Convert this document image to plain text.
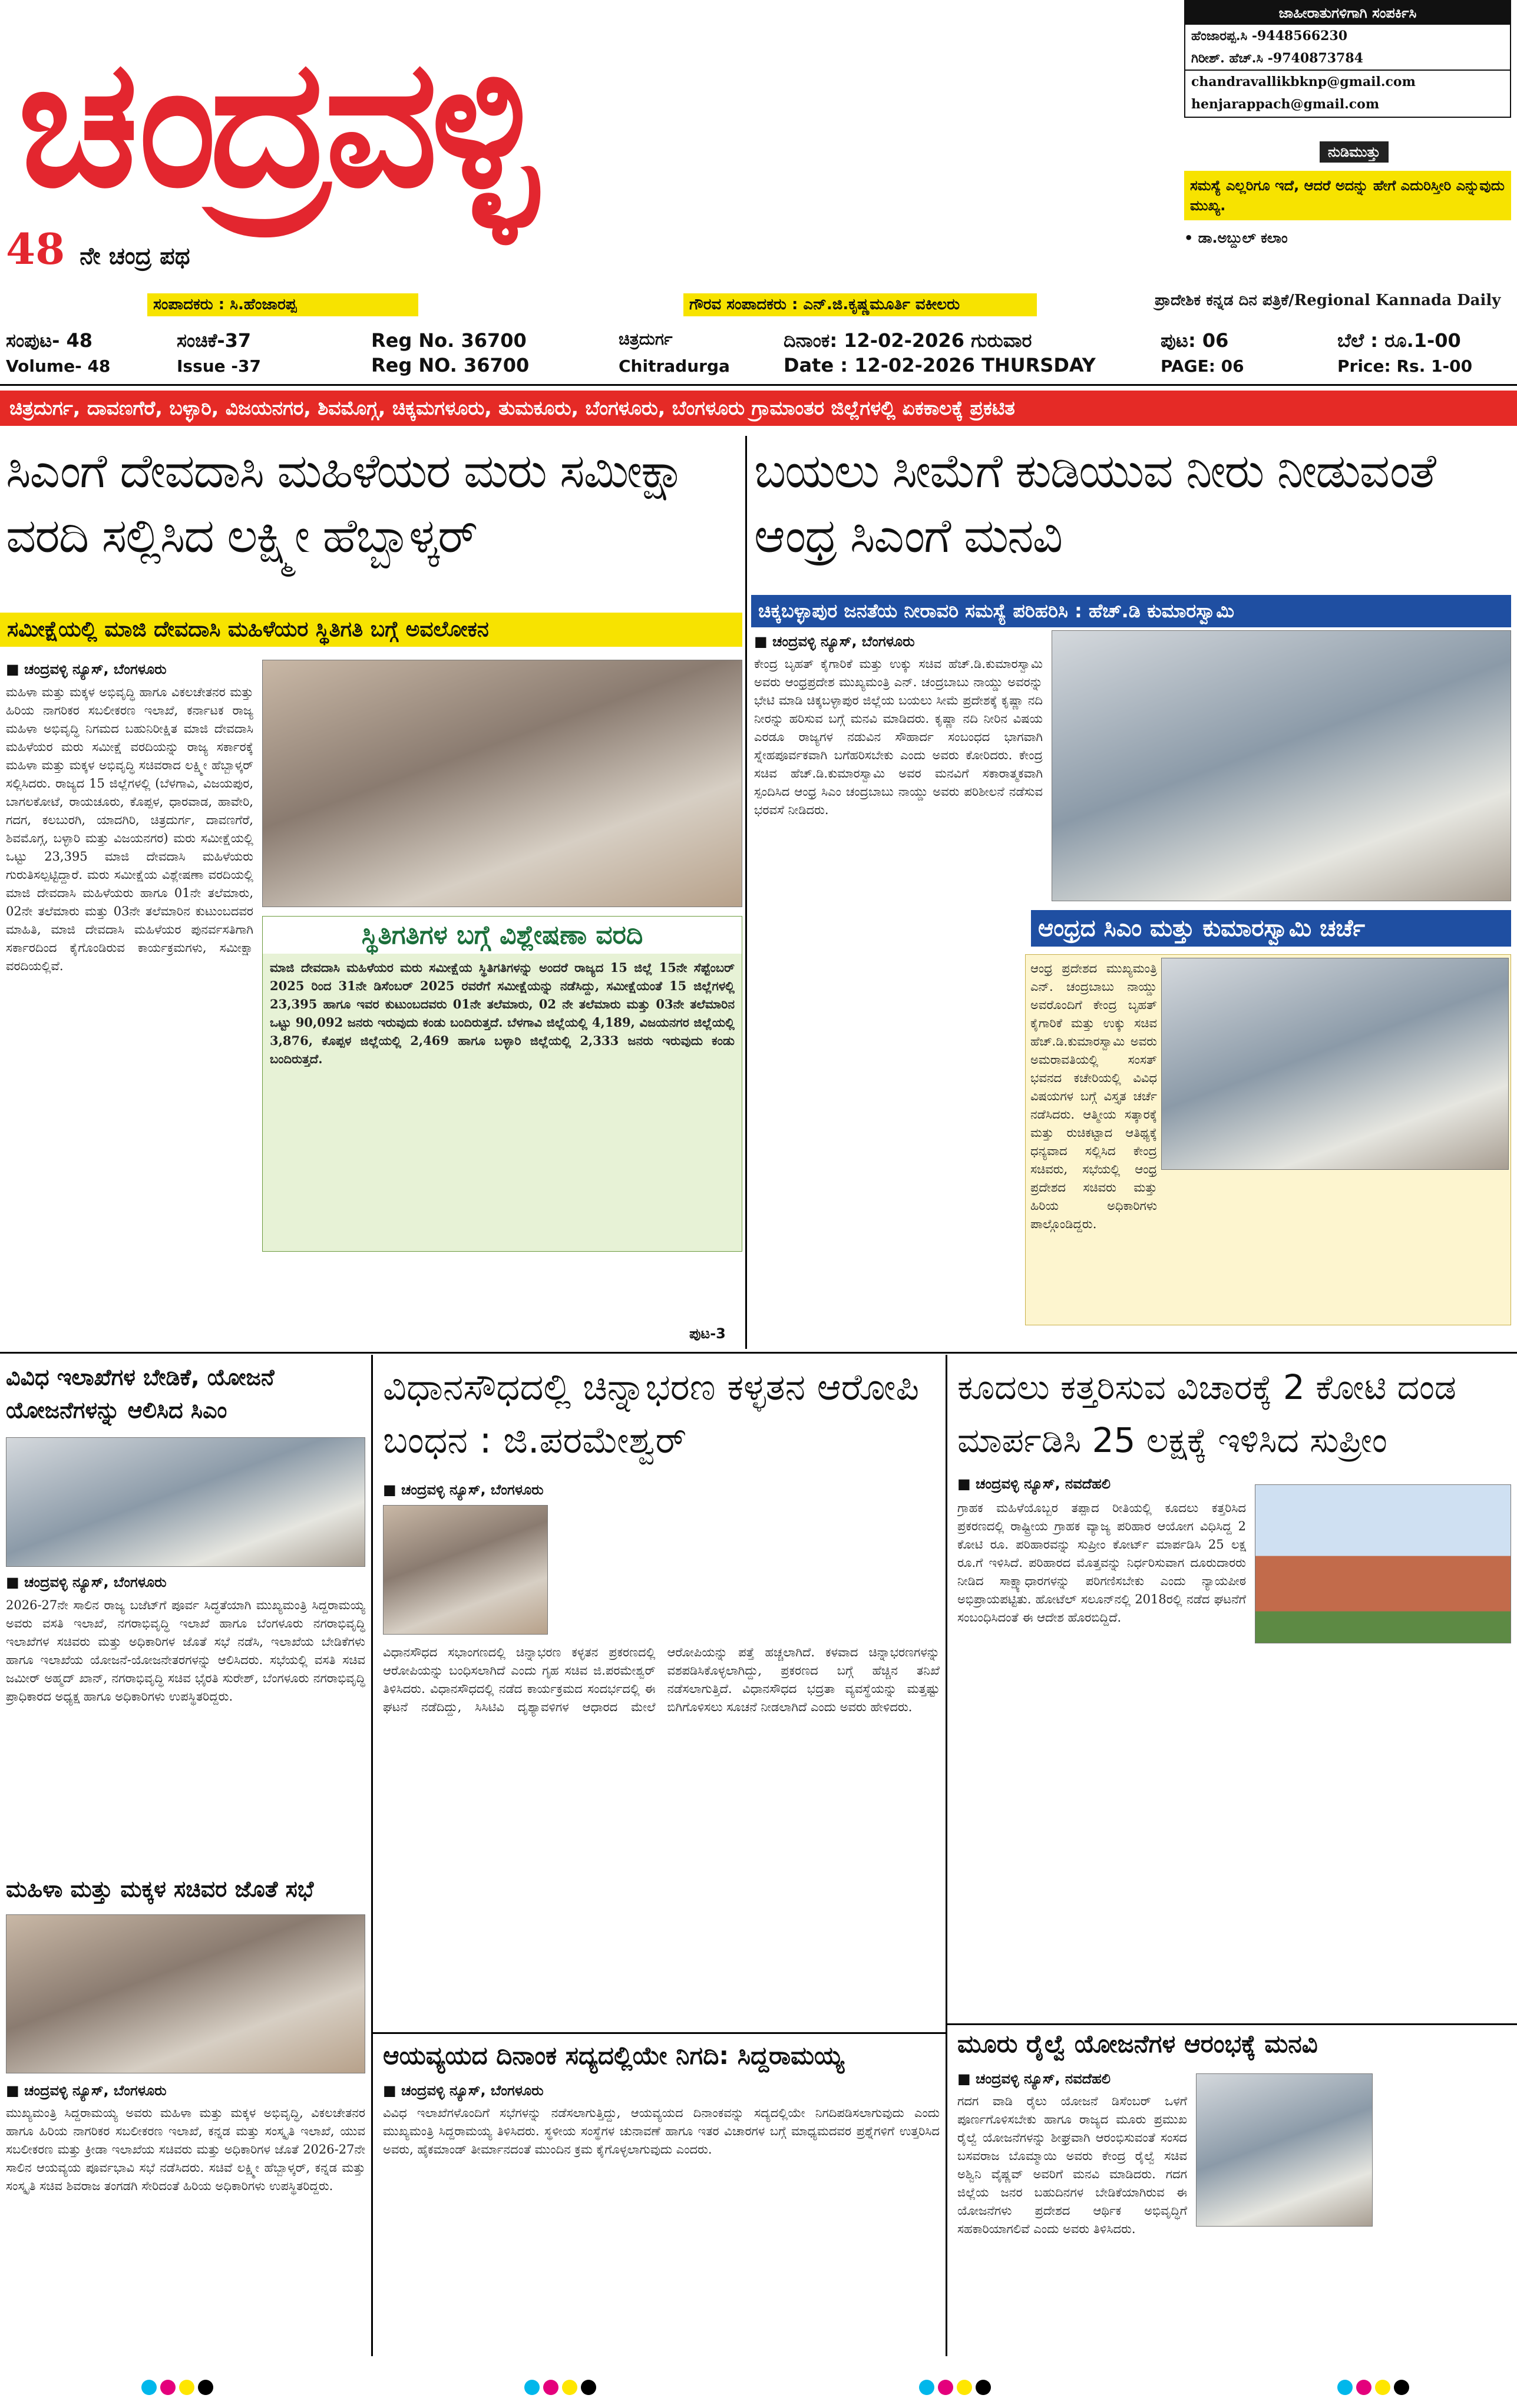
ಚಂದ್ರವಳ್ಳಿ
48 ನೇ ಚಂದ್ರ ಪಥ
ಸಂಪಾದಕರು : ಸಿ.ಹೆಂಜಾರಪ್ಪ	ಗೌರವ ಸಂಪಾದಕರು : ಎನ್.ಜಿ.ಕೃಷ್ಣಮೂರ್ತಿ ವಕೀಲರು	ಪ್ರಾದೇಶಿಕ ಕನ್ನಡ ದಿನ ಪತ್ರಿಕೆ/Regional Kannada Daily
ಜಾಹೀರಾತುಗಳಿಗಾಗಿ ಸಂಪರ್ಕಿಸಿ

ಹೆಂಜಾರಪ್ಪ.ಸಿ -9448566230

ಗಿರೀಶ್. ಹೆಚ್.ಸಿ -9740873784

chandravallikbknp@gmail.com

henjarappach@gmail.com

ನುಡಿಮುತ್ತು
ಸಮಸ್ಯೆ ಎಲ್ಲರಿಗೂ ಇದೆ, ಆದರೆ ಅದನ್ನು ಹೇಗೆ ಎದುರಿಸ್ತೀರಿ ಎನ್ನುವುದು ಮುಖ್ಯ.
• ಡಾ.ಅಬ್ದುಲ್ ಕಲಾಂ
ಸಂಪುಟ- 48
Volume- 48
ಸಂಚಿಕೆ-37
Issue -37
Reg No. 36700
Reg NO. 36700
ಚಿತ್ರದುರ್ಗ
Chitradurga
ದಿನಾಂಕ: 12-02-2026 ಗುರುವಾರ
Date : 12-02-2026 THURSDAY
ಪುಟ: 06
PAGE: 06
ಬೆಲೆ : ರೂ.1-00
Price: Rs. 1-00
ಚಿತ್ರದುರ್ಗ, ದಾವಣಗೆರೆ, ಬಳ್ಳಾರಿ, ವಿಜಯನಗರ, ಶಿವಮೊಗ್ಗ, ಚಿಕ್ಕಮಗಳೂರು, ತುಮಕೂರು, ಬೆಂಗಳೂರು, ಬೆಂಗಳೂರು ಗ್ರಾಮಾಂತರ ಜಿಲ್ಲೆಗಳಲ್ಲಿ ಏಕಕಾಲಕ್ಕೆ ಪ್ರಕಟಿತ
ಸಿಎಂಗೆ ದೇವದಾಸಿ ಮಹಿಳೆಯರ ಮರು ಸಮೀಕ್ಷಾ ವರದಿ ಸಲ್ಲಿಸಿದ ಲಕ್ಷ್ಮೀ ಹೆಬ್ಬಾಳ್ಕರ್
ಸಮೀಕ್ಷೆಯಲ್ಲಿ ಮಾಜಿ ದೇವದಾಸಿ ಮಹಿಳೆಯರ ಸ್ಥಿತಿಗತಿ ಬಗ್ಗೆ ಅವಲೋಕನ
■ ಚಂದ್ರವಳ್ಳಿ ನ್ಯೂಸ್, ಬೆಂಗಳೂರು
ಮಹಿಳಾ ಮತ್ತು ಮಕ್ಕಳ ಅಭಿವೃದ್ಧಿ ಹಾಗೂ ವಿಕಲಚೇತನರ ಮತ್ತು ಹಿರಿಯ ನಾಗರಿಕರ ಸಬಲೀಕರಣ ಇಲಾಖೆ, ಕರ್ನಾಟಕ ರಾಜ್ಯ ಮಹಿಳಾ ಅಭಿವೃದ್ಧಿ ನಿಗಮದ ಬಹುನಿರೀಕ್ಷಿತ ಮಾಜಿ ದೇವದಾಸಿ ಮಹಿಳೆಯರ ಮರು ಸಮೀಕ್ಷೆ ವರದಿಯನ್ನು ರಾಜ್ಯ ಸರ್ಕಾರಕ್ಕೆ ಮಹಿಳಾ ಮತ್ತು ಮಕ್ಕಳ ಅಭಿವೃದ್ಧಿ ಸಚಿವರಾದ ಲಕ್ಷ್ಮೀ ಹೆಬ್ಬಾಳ್ಕರ್ ಸಲ್ಲಿಸಿದರು. ರಾಜ್ಯದ 15 ಜಿಲ್ಲೆಗಳಲ್ಲಿ (ಬೆಳಗಾವಿ, ವಿಜಯಪುರ, ಬಾಗಲಕೋಟೆ, ರಾಯಚೂರು, ಕೊಪ್ಪಳ, ಧಾರವಾಡ, ಹಾವೇರಿ, ಗದಗ, ಕಲಬುರಗಿ, ಯಾದಗಿರಿ, ಚಿತ್ರದುರ್ಗ, ದಾವಣಗೆರೆ, ಶಿವಮೊಗ್ಗ, ಬಳ್ಳಾರಿ ಮತ್ತು ವಿಜಯನಗರ) ಮರು ಸಮೀಕ್ಷೆಯಲ್ಲಿ ಒಟ್ಟು 23,395 ಮಾಜಿ ದೇವದಾಸಿ ಮಹಿಳೆಯರು ಗುರುತಿಸಲ್ಪಟ್ಟಿದ್ದಾರೆ. ಮರು ಸಮೀಕ್ಷೆಯ ವಿಶ್ಲೇಷಣಾ ವರದಿಯಲ್ಲಿ ಮಾಜಿ ದೇವದಾಸಿ ಮಹಿಳೆಯರು ಹಾಗೂ 01ನೇ ತಲೆಮಾರು, 02ನೇ ತಲೆಮಾರು ಮತ್ತು 03ನೇ ತಲೆಮಾರಿನ ಕುಟುಂಬದವರ ಮಾಹಿತಿ, ಮಾಜಿ ದೇವದಾಸಿ ಮಹಿಳೆಯರ ಪುನರ್ವಸತಿಗಾಗಿ ಸರ್ಕಾರದಿಂದ ಕೈಗೊಂಡಿರುವ ಕಾರ್ಯಕ್ರಮಗಳು, ಸಮೀಕ್ಷಾ ವರದಿಯಲ್ಲಿವೆ.
ಸ್ಥಿತಿಗತಿಗಳ ಬಗ್ಗೆ ವಿಶ್ಲೇಷಣಾ ವರದಿ
ಮಾಜಿ ದೇವದಾಸಿ ಮಹಿಳೆಯರ ಮರು ಸಮೀಕ್ಷೆಯ ಸ್ಥಿತಿಗತಿಗಳನ್ನು ಅಂದರೆ ರಾಜ್ಯದ 15 ಜಿಲ್ಲೆ 15ನೇ ಸೆಪ್ಟೆಂಬರ್ 2025 ರಿಂದ 31ನೇ ಡಿಸೆಂಬರ್ 2025 ರವರೆಗೆ ಸಮೀಕ್ಷೆಯನ್ನು ನಡೆಸಿದ್ದು, ಸಮೀಕ್ಷೆಯಂತೆ 15 ಜಿಲ್ಲೆಗಳಲ್ಲಿ 23,395 ಹಾಗೂ ಇವರ ಕುಟುಂಬದವರು 01ನೇ ತಲೆಮಾರು, 02 ನೇ ತಲೆಮಾರು ಮತ್ತು 03ನೇ ತಲೆಮಾರಿನ ಒಟ್ಟು 90,092 ಜನರು ಇರುವುದು ಕಂಡು ಬಂದಿರುತ್ತದೆ. ಬೆಳಗಾವಿ ಜಿಲ್ಲೆಯಲ್ಲಿ 4,189, ವಿಜಯನಗರ ಜಿಲ್ಲೆಯಲ್ಲಿ 3,876, ಕೊಪ್ಪಳ ಜಿಲ್ಲೆಯಲ್ಲಿ 2,469 ಹಾಗೂ ಬಳ್ಳಾರಿ ಜಿಲ್ಲೆಯಲ್ಲಿ 2,333 ಜನರು ಇರುವುದು ಕಂಡು ಬಂದಿರುತ್ತದೆ.
ಪುಟ-3
ಬಯಲು ಸೀಮೆಗೆ ಕುಡಿಯುವ ನೀರು ನೀಡುವಂತೆ ಆಂಧ್ರ ಸಿಎಂಗೆ ಮನವಿ
ಚಿಕ್ಕಬಳ್ಳಾಪುರ ಜನತೆಯ ನೀರಾವರಿ ಸಮಸ್ಯೆ ಪರಿಹರಿಸಿ : ಹೆಚ್.ಡಿ ಕುಮಾರಸ್ವಾಮಿ
■ ಚಂದ್ರವಳ್ಳಿ ನ್ಯೂಸ್, ಬೆಂಗಳೂರು
ಕೇಂದ್ರ ಬೃಹತ್ ಕೈಗಾರಿಕೆ ಮತ್ತು ಉಕ್ಕು ಸಚಿವ ಹೆಚ್.ಡಿ.ಕುಮಾರಸ್ವಾಮಿ ಅವರು ಆಂಧ್ರಪ್ರದೇಶ ಮುಖ್ಯಮಂತ್ರಿ ಎನ್. ಚಂದ್ರಬಾಬು ನಾಯ್ಡು ಅವರನ್ನು ಭೇಟಿ ಮಾಡಿ ಚಿಕ್ಕಬಳ್ಳಾಪುರ ಜಿಲ್ಲೆಯ ಬಯಲು ಸೀಮೆ ಪ್ರದೇಶಕ್ಕೆ ಕೃಷ್ಣಾ ನದಿ ನೀರನ್ನು ಹರಿಸುವ ಬಗ್ಗೆ ಮನವಿ ಮಾಡಿದರು. ಕೃಷ್ಣಾ ನದಿ ನೀರಿನ ವಿಷಯ ಎರಡೂ ರಾಜ್ಯಗಳ ನಡುವಿನ ಸೌಹಾರ್ದ ಸಂಬಂಧದ ಭಾಗವಾಗಿ ಸ್ನೇಹಪೂರ್ವಕವಾಗಿ ಬಗೆಹರಿಸಬೇಕು ಎಂದು ಅವರು ಕೋರಿದರು. ಕೇಂದ್ರ ಸಚಿವ ಹೆಚ್.ಡಿ.ಕುಮಾರಸ್ವಾಮಿ ಅವರ ಮನವಿಗೆ ಸಕಾರಾತ್ಮಕವಾಗಿ ಸ್ಪಂದಿಸಿದ ಆಂಧ್ರ ಸಿಎಂ ಚಂದ್ರಬಾಬು ನಾಯ್ಡು ಅವರು ಪರಿಶೀಲನೆ ನಡೆಸುವ ಭರವಸೆ ನೀಡಿದರು.
ಆಂಧ್ರದ ಸಿಎಂ ಮತ್ತು ಕುಮಾರಸ್ವಾಮಿ ಚರ್ಚೆ
ಆಂಧ್ರ ಪ್ರದೇಶದ ಮುಖ್ಯಮಂತ್ರಿ ಎನ್. ಚಂದ್ರಬಾಬು ನಾಯ್ಡು ಅವರೊಂದಿಗೆ ಕೇಂದ್ರ ಬೃಹತ್ ಕೈಗಾರಿಕೆ ಮತ್ತು ಉಕ್ಕು ಸಚಿವ ಹೆಚ್.ಡಿ.ಕುಮಾರಸ್ವಾಮಿ ಅವರು ಅಮರಾವತಿಯಲ್ಲಿ ಸಂಸತ್ ಭವನದ ಕಚೇರಿಯಲ್ಲಿ ವಿವಿಧ ವಿಷಯಗಳ ಬಗ್ಗೆ ವಿಸ್ತೃತ ಚರ್ಚೆ ನಡೆಸಿದರು. ಆತ್ಮೀಯ ಸತ್ಕಾರಕ್ಕೆ ಮತ್ತು ರುಚಿಕಟ್ಟಾದ ಆತಿಥ್ಯಕ್ಕೆ ಧನ್ಯವಾದ ಸಲ್ಲಿಸಿದ ಕೇಂದ್ರ ಸಚಿವರು, ಸಭೆಯಲ್ಲಿ ಆಂಧ್ರ ಪ್ರದೇಶದ ಸಚಿವರು ಮತ್ತು ಹಿರಿಯ ಅಧಿಕಾರಿಗಳು ಪಾಲ್ಗೊಂಡಿದ್ದರು.
ವಿವಿಧ ಇಲಾಖೆಗಳ ಬೇಡಿಕೆ, ಯೋಜನೆ ಯೋಜನೆಗಳನ್ನು ಆಲಿಸಿದ ಸಿಎಂ
■ ಚಂದ್ರವಳ್ಳಿ ನ್ಯೂಸ್, ಬೆಂಗಳೂರು
2026-27ನೇ ಸಾಲಿನ ರಾಜ್ಯ ಬಜೆಟ್‌ಗೆ ಪೂರ್ವ ಸಿದ್ಧತೆಯಾಗಿ ಮುಖ್ಯಮಂತ್ರಿ ಸಿದ್ದರಾಮಯ್ಯ ಅವರು ವಸತಿ ಇಲಾಖೆ, ನಗರಾಭಿವೃದ್ಧಿ ಇಲಾಖೆ ಹಾಗೂ ಬೆಂಗಳೂರು ನಗರಾಭಿವೃದ್ಧಿ ಇಲಾಖೆಗಳ ಸಚಿವರು ಮತ್ತು ಅಧಿಕಾರಿಗಳ ಜೊತೆ ಸಭೆ ನಡೆಸಿ, ಇಲಾಖೆಯ ಬೇಡಿಕೆಗಳು ಹಾಗೂ ಇಲಾಖೆಯ ಯೋಜನೆ-ಯೋಜನೇತರಗಳನ್ನು ಆಲಿಸಿದರು. ಸಭೆಯಲ್ಲಿ ವಸತಿ ಸಚಿವ ಜಮೀರ್ ಅಹ್ಮದ್ ಖಾನ್, ನಗರಾಭಿವೃದ್ಧಿ ಸಚಿವ ಭೈರತಿ ಸುರೇಶ್, ಬೆಂಗಳೂರು ನಗರಾಭಿವೃದ್ಧಿ ಪ್ರಾಧಿಕಾರದ ಅಧ್ಯಕ್ಷ ಹಾಗೂ ಅಧಿಕಾರಿಗಳು ಉಪಸ್ಥಿತರಿದ್ದರು.
ಮಹಿಳಾ ಮತ್ತು ಮಕ್ಕಳ ಸಚಿವರ ಜೊತೆ ಸಭೆ
■ ಚಂದ್ರವಳ್ಳಿ ನ್ಯೂಸ್, ಬೆಂಗಳೂರು
ಮುಖ್ಯಮಂತ್ರಿ ಸಿದ್ದರಾಮಯ್ಯ ಅವರು ಮಹಿಳಾ ಮತ್ತು ಮಕ್ಕಳ ಅಭಿವೃದ್ಧಿ, ವಿಕಲಚೇತನರ ಹಾಗೂ ಹಿರಿಯ ನಾಗರಿಕರ ಸಬಲೀಕರಣ ಇಲಾಖೆ, ಕನ್ನಡ ಮತ್ತು ಸಂಸ್ಕೃತಿ ಇಲಾಖೆ, ಯುವ ಸಬಲೀಕರಣ ಮತ್ತು ಕ್ರೀಡಾ ಇಲಾಖೆಯ ಸಚಿವರು ಮತ್ತು ಅಧಿಕಾರಿಗಳ ಜೊತೆ 2026-27ನೇ ಸಾಲಿನ ಆಯವ್ಯಯ ಪೂರ್ವಭಾವಿ ಸಭೆ ನಡೆಸಿದರು. ಸಚಿವೆ ಲಕ್ಷ್ಮೀ ಹೆಬ್ಬಾಳ್ಕರ್, ಕನ್ನಡ ಮತ್ತು ಸಂಸ್ಕೃತಿ ಸಚಿವ ಶಿವರಾಜ ತಂಗಡಗಿ ಸೇರಿದಂತೆ ಹಿರಿಯ ಅಧಿಕಾರಿಗಳು ಉಪಸ್ಥಿತರಿದ್ದರು.
ವಿಧಾನಸೌಧದಲ್ಲಿ ಚಿನ್ನಾಭರಣ ಕಳ್ಳತನ ಆರೋಪಿ ಬಂಧನ : ಜಿ.ಪರಮೇಶ್ವರ್
■ ಚಂದ್ರವಳ್ಳಿ ನ್ಯೂಸ್, ಬೆಂಗಳೂರು
ವಿಧಾನಸೌಧದ ಸಭಾಂಗಣದಲ್ಲಿ ಚಿನ್ನಾಭರಣ ಕಳ್ಳತನ ಪ್ರಕರಣದಲ್ಲಿ ಆರೋಪಿಯನ್ನು ಬಂಧಿಸಲಾಗಿದೆ ಎಂದು ಗೃಹ ಸಚಿವ ಜಿ.ಪರಮೇಶ್ವರ್ ತಿಳಿಸಿದರು. ವಿಧಾನಸೌಧದಲ್ಲಿ ನಡೆದ ಕಾರ್ಯಕ್ರಮದ ಸಂದರ್ಭದಲ್ಲಿ ಈ ಘಟನೆ ನಡೆದಿದ್ದು, ಸಿಸಿಟಿವಿ ದೃಶ್ಯಾವಳಿಗಳ ಆಧಾರದ ಮೇಲೆ ಆರೋಪಿಯನ್ನು ಪತ್ತೆ ಹಚ್ಚಲಾಗಿದೆ. ಕಳವಾದ ಚಿನ್ನಾಭರಣಗಳನ್ನು ವಶಪಡಿಸಿಕೊಳ್ಳಲಾಗಿದ್ದು, ಪ್ರಕರಣದ ಬಗ್ಗೆ ಹೆಚ್ಚಿನ ತನಿಖೆ ನಡೆಸಲಾಗುತ್ತಿದೆ. ವಿಧಾನಸೌಧದ ಭದ್ರತಾ ವ್ಯವಸ್ಥೆಯನ್ನು ಮತ್ತಷ್ಟು ಬಿಗಿಗೊಳಿಸಲು ಸೂಚನೆ ನೀಡಲಾಗಿದೆ ಎಂದು ಅವರು ಹೇಳಿದರು.
ಆಯವ್ಯಯದ ದಿನಾಂಕ ಸದ್ಯದಲ್ಲಿಯೇ ನಿಗದಿ: ಸಿದ್ದರಾಮಯ್ಯ
■ ಚಂದ್ರವಳ್ಳಿ ನ್ಯೂಸ್, ಬೆಂಗಳೂರು
ವಿವಿಧ ಇಲಾಖೆಗಳೊಂದಿಗೆ ಸಭೆಗಳನ್ನು ನಡೆಸಲಾಗುತ್ತಿದ್ದು, ಆಯವ್ಯಯದ ದಿನಾಂಕವನ್ನು ಸದ್ಯದಲ್ಲಿಯೇ ನಿಗದಿಪಡಿಸಲಾಗುವುದು ಎಂದು ಮುಖ್ಯಮಂತ್ರಿ ಸಿದ್ದರಾಮಯ್ಯ ತಿಳಿಸಿದರು. ಸ್ಥಳೀಯ ಸಂಸ್ಥೆಗಳ ಚುನಾವಣೆ ಹಾಗೂ ಇತರ ವಿಚಾರಗಳ ಬಗ್ಗೆ ಮಾಧ್ಯಮದವರ ಪ್ರಶ್ನೆಗಳಿಗೆ ಉತ್ತರಿಸಿದ ಅವರು, ಹೈಕಮಾಂಡ್ ತೀರ್ಮಾನದಂತೆ ಮುಂದಿನ ಕ್ರಮ ಕೈಗೊಳ್ಳಲಾಗುವುದು ಎಂದರು.
ಕೂದಲು ಕತ್ತರಿಸುವ ವಿಚಾರಕ್ಕೆ 2 ಕೋಟಿ ದಂಡ ಮಾರ್ಪಡಿಸಿ 25 ಲಕ್ಷಕ್ಕೆ ಇಳಿಸಿದ ಸುಪ್ರೀಂ
■ ಚಂದ್ರವಳ್ಳಿ ನ್ಯೂಸ್, ನವದೆಹಲಿ
ಗ್ರಾಹಕ ಮಹಿಳೆಯೊಬ್ಬರ ತಪ್ಪಾದ ರೀತಿಯಲ್ಲಿ ಕೂದಲು ಕತ್ತರಿಸಿದ ಪ್ರಕರಣದಲ್ಲಿ ರಾಷ್ಟ್ರೀಯ ಗ್ರಾಹಕ ವ್ಯಾಜ್ಯ ಪರಿಹಾರ ಆಯೋಗ ವಿಧಿಸಿದ್ದ 2 ಕೋಟಿ ರೂ. ಪರಿಹಾರವನ್ನು ಸುಪ್ರೀಂ ಕೋರ್ಟ್ ಮಾರ್ಪಡಿಸಿ 25 ಲಕ್ಷ ರೂ.ಗೆ ಇಳಿಸಿದೆ. ಪರಿಹಾರದ ಮೊತ್ತವನ್ನು ನಿರ್ಧರಿಸುವಾಗ ದೂರುದಾರರು ನೀಡಿದ ಸಾಕ್ಷ್ಯಾಧಾರಗಳನ್ನು ಪರಿಗಣಿಸಬೇಕು ಎಂದು ನ್ಯಾಯಪೀಠ ಅಭಿಪ್ರಾಯಪಟ್ಟಿತು. ಹೋಟೆಲ್ ಸಲೂನ್‌ನಲ್ಲಿ 2018ರಲ್ಲಿ ನಡೆದ ಘಟನೆಗೆ ಸಂಬಂಧಿಸಿದಂತೆ ಈ ಆದೇಶ ಹೊರಬಿದ್ದಿದೆ.
ಮೂರು ರೈಲ್ವೆ ಯೋಜನೆಗಳ ಆರಂಭಕ್ಕೆ ಮನವಿ
■ ಚಂದ್ರವಳ್ಳಿ ನ್ಯೂಸ್, ನವದೆಹಲಿ
ಗದಗ ವಾಡಿ ರೈಲು ಯೋಜನೆ ಡಿಸೆಂಬರ್ ಒಳಗೆ ಪೂರ್ಣಗೊಳಿಸಬೇಕು ಹಾಗೂ ರಾಜ್ಯದ ಮೂರು ಪ್ರಮುಖ ರೈಲ್ವೆ ಯೋಜನೆಗಳನ್ನು ಶೀಘ್ರವಾಗಿ ಆರಂಭಿಸುವಂತೆ ಸಂಸದ ಬಸವರಾಜ ಬೊಮ್ಮಾಯಿ ಅವರು ಕೇಂದ್ರ ರೈಲ್ವೆ ಸಚಿವ ಅಶ್ವಿನಿ ವೈಷ್ಣವ್ ಅವರಿಗೆ ಮನವಿ ಮಾಡಿದರು. ಗದಗ ಜಿಲ್ಲೆಯ ಜನರ ಬಹುದಿನಗಳ ಬೇಡಿಕೆಯಾಗಿರುವ ಈ ಯೋಜನೆಗಳು ಪ್ರದೇಶದ ಆರ್ಥಿಕ ಅಭಿವೃದ್ಧಿಗೆ ಸಹಕಾರಿಯಾಗಲಿವೆ ಎಂದು ಅವರು ತಿಳಿಸಿದರು.
